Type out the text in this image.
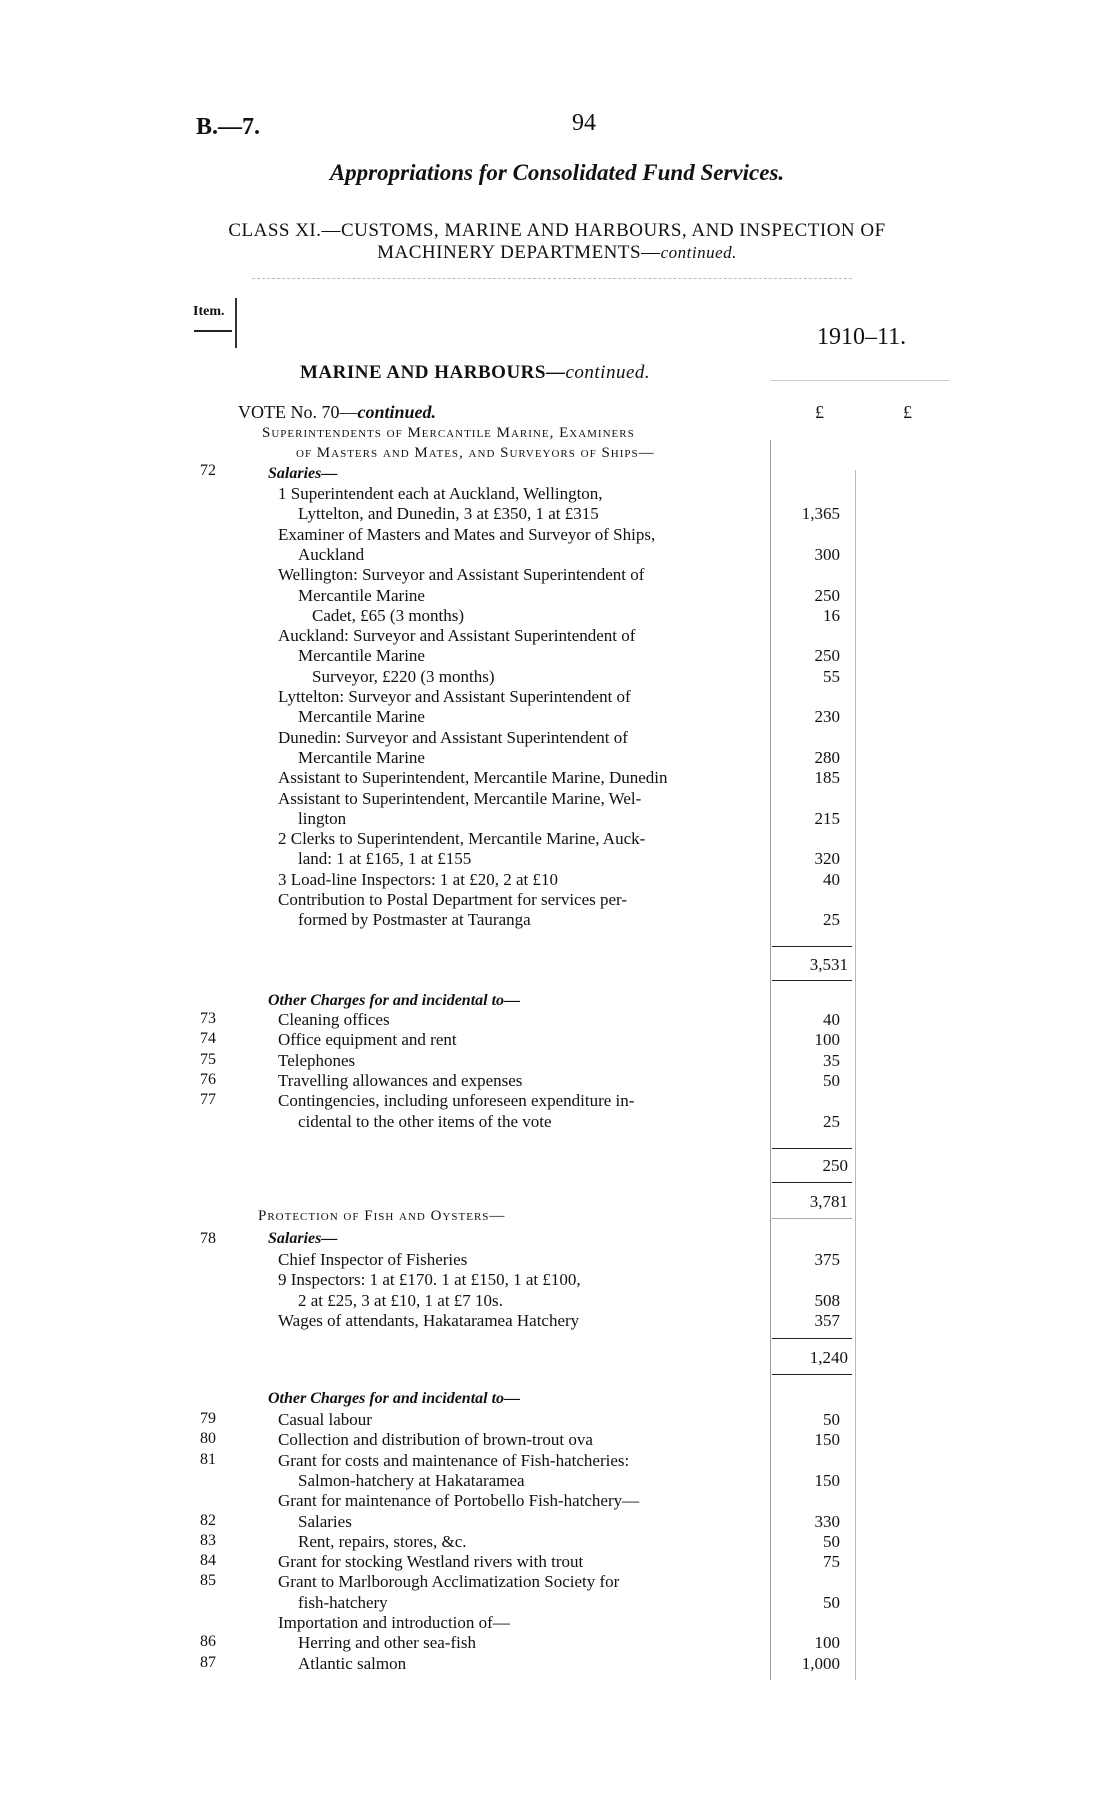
B.—7.	94
Appropriations for Consolidated Fund Services.
CLASS XI.—CUSTOMS, MARINE AND HARBOURS, AND INSPECTION OF
MACHINERY DEPARTMENTS—continued.
Item.
1910–11.
MARINE AND HARBOURS—continued.
VOTE No. 70—continued.	£	£
Superintendents of Mercantile Marine, Examiners
of Masters and Mates, and Surveyors of Ships—
72	Salaries—
1 Superintendent each at Auckland, Wellington,
Lyttelton, and Dunedin, 3 at £350, 1 at £315	1,365
Examiner of Masters and Mates and Surveyor of Ships,
Auckland	300
Wellington: Surveyor and Assistant Superintendent of
Mercantile Marine	250
Cadet, £65 (3 months)	16
Auckland: Surveyor and Assistant Superintendent of
Mercantile Marine	250
Surveyor, £220 (3 months)	55
Lyttelton: Surveyor and Assistant Superintendent of
Mercantile Marine	230
Dunedin: Surveyor and Assistant Superintendent of
Mercantile Marine	280
Assistant to Superintendent, Mercantile Marine, Dunedin	185
Assistant to Superintendent, Mercantile Marine, Wel-
lington	215
2 Clerks to Superintendent, Mercantile Marine, Auck-
land: 1 at £165, 1 at £155	320
3 Load-line Inspectors: 1 at £20, 2 at £10	40
Contribution to Postal Department for services per-
formed by Postmaster at Tauranga	25
3,531
Other Charges for and incidental to—
73	Cleaning offices	40
74	Office equipment and rent	100
75	Telephones	35
76	Travelling allowances and expenses	50
77	Contingencies, including unforeseen expenditure in-
cidental to the other items of the vote	25
250
3,781
Protection of Fish and Oysters—
78	Salaries—
Chief Inspector of Fisheries	375
9 Inspectors: 1 at £170. 1 at £150, 1 at £100,
2 at £25, 3 at £10, 1 at £7 10s.	508
Wages of attendants, Hakataramea Hatchery	357
1,240
Other Charges for and incidental to—
79	Casual labour	50
80	Collection and distribution of brown-trout ova	150
81	Grant for costs and maintenance of Fish-hatcheries:
Salmon-hatchery at Hakataramea	150
Grant for maintenance of Portobello Fish-hatchery—
82	Salaries	330
83	Rent, repairs, stores, &c.	50
84	Grant for stocking Westland rivers with trout	75
85	Grant to Marlborough Acclimatization Society for
fish-hatchery	50
Importation and introduction of—
86	Herring and other sea-fish	100
87	Atlantic salmon	1,000
